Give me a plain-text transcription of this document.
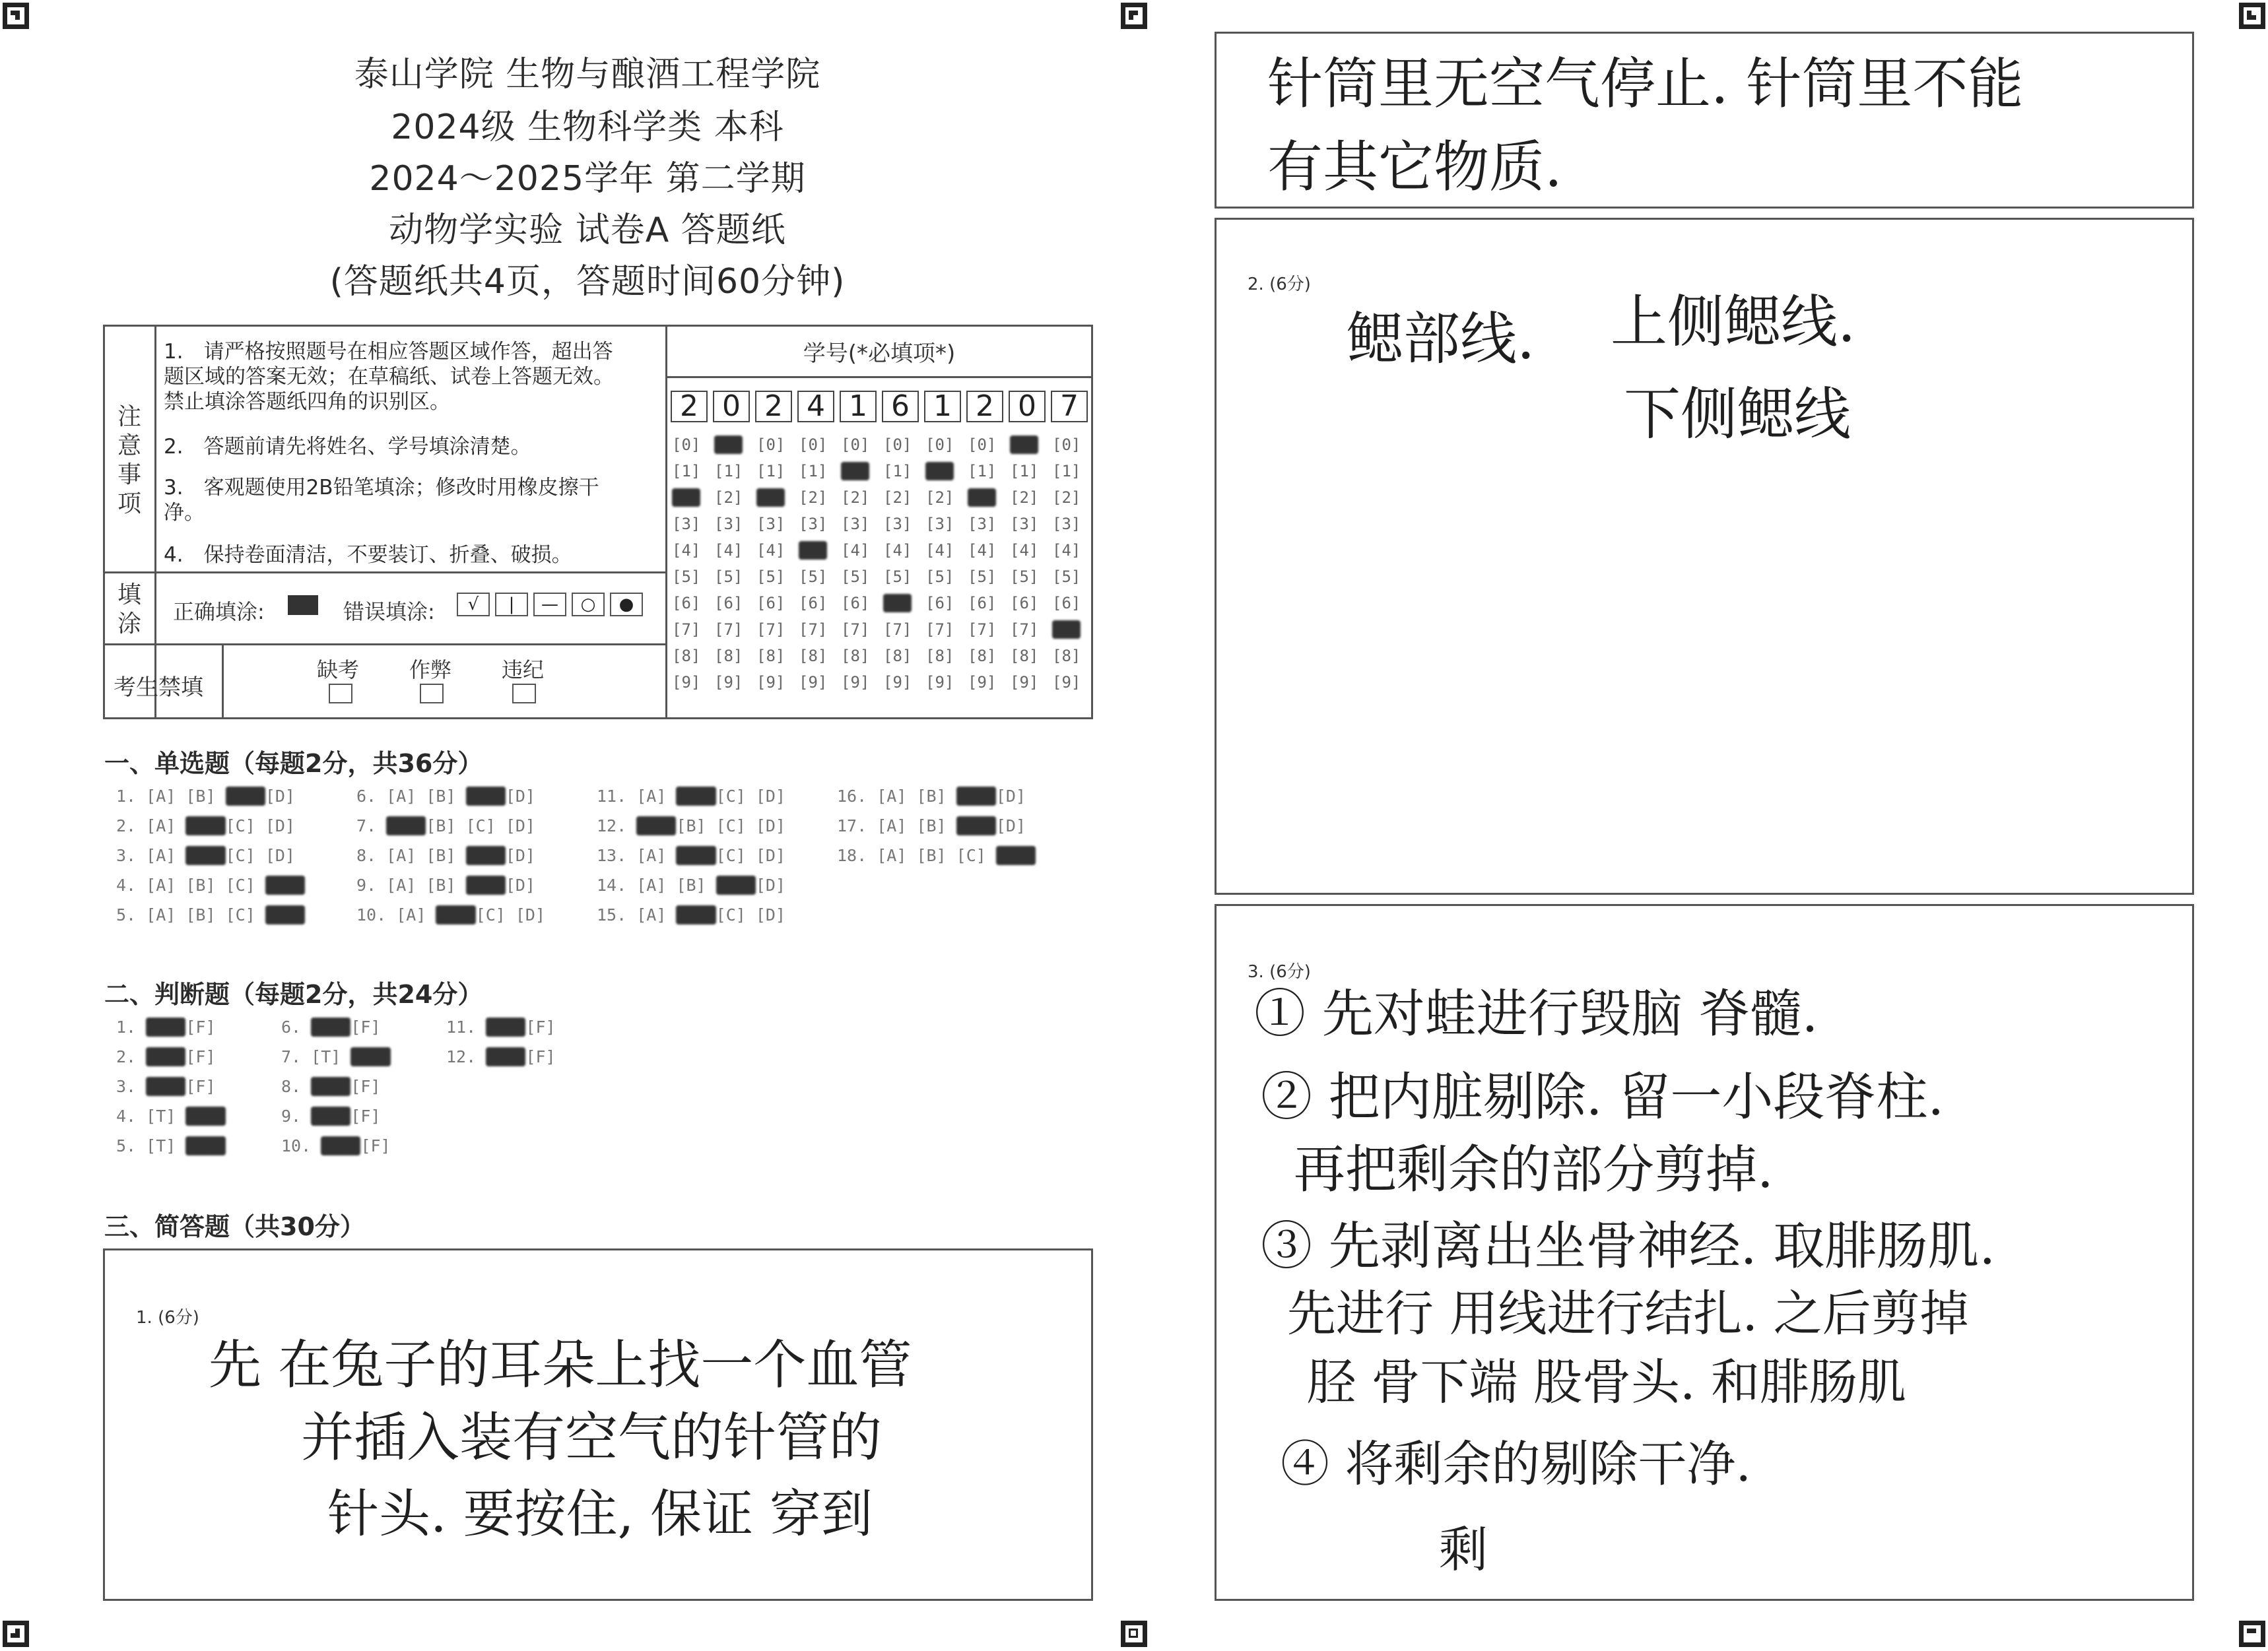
泰山学院 生物与酿酒工程学院
2024级 生物科学类 本科
2024～2025学年 第二学期
动物学实验 试卷A 答题纸
(答题纸共4页，答题时间60分钟)
注意事项
1.　请严格按照题号在相应答题区域作答，超出答题区域的答案无效；在草稿纸、试卷上答题无效。禁止填涂答题纸四角的识别区。
2.　答题前请先将姓名、学号填涂清楚。
3.　客观题使用2B铅笔填涂；修改时用橡皮擦干净。
4.　保持卷面清洁，不要装订、折叠、破损。
填涂	正确填涂:	错误填涂:	√	|	—	○	●
考生禁填
缺考 作弊 违纪
学号(*必填项*)
2 0 2 4 1 6 1 2 0 7
[0] [0] [0] [0] [0] [0] [0] [0] [0] [0]
[1] [1] [1] [1] [1] [1] [1] [1] [1] [1]
[2] [2] [2] [2] [2] [2] [2] [2] [2] [2]
[3] [3] [3] [3] [3] [3] [3] [3] [3] [3]
[4] [4] [4] [4] [4] [4] [4] [4] [4] [4]
[5] [5] [5] [5] [5] [5] [5] [5] [5] [5]
[6] [6] [6] [6] [6] [6] [6] [6] [6] [6]
[7] [7] [7] [7] [7] [7] [7] [7] [7] [7]
[8] [8] [8] [8] [8] [8] [8] [8] [8] [8]
[9] [9] [9] [9] [9] [9] [9] [9] [9] [9]
一、单选题（每题2分，共36分）
1. [A] [B] [C] [D]
2. [A] [B] [C] [D]
3. [A] [B] [C] [D]
4. [A] [B] [C] [D]
5. [A] [B] [C] [D]
6. [A] [B] [C] [D]
7. [A] [B] [C] [D]
8. [A] [B] [C] [D]
9. [A] [B] [C] [D]
10. [A] [B] [C] [D]
11. [A] [B] [C] [D]
12. [A] [B] [C] [D]
13. [A] [B] [C] [D]
14. [A] [B] [C] [D]
15. [A] [B] [C] [D]
16. [A] [B] [C] [D]
17. [A] [B] [C] [D]
18. [A] [B] [C] [D]
二、判断题（每题2分，共24分）
1. [T] [F]
2. [T] [F]
3. [T] [F]
4. [T] [F]
5. [T] [F]
6. [T] [F]
7. [T] [F]
8. [T] [F]
9. [T] [F]
10. [T] [F]
11. [T] [F]
12. [T] [F]
三、简答题（共30分）
1. (6分)
先 在兔子的耳朵上找一个血管
并插入装有空气的针管的
针头. 要按住, 保证 穿到
针筒里无空气停止. 针筒里不能
有其它物质.
2. (6分)
鳃部线. 上侧鳃线.
下侧鳃线
3. (6分)
① 先对蛙进行毁脑 脊髓.
② 把内脏剔除. 留一小段脊柱.
再把剩余的部分剪掉.
③ 先剥离出坐骨神经. 取腓肠肌.
先进行 用线进行结扎. 之后剪掉
胫 骨下端 股骨头. 和腓肠肌
④ 将剩余的剔除干净.
剩
